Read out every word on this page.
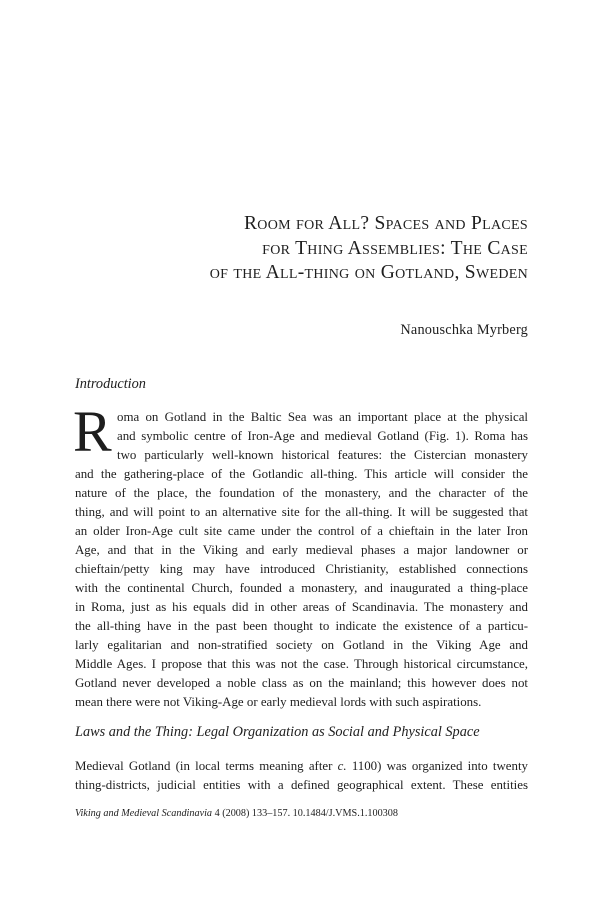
Room for All? Spaces and Places
for Thing Assemblies: The Case
of the All-thing on Gotland, Sweden
Nanouschka Myrberg
Introduction
R oma on Gotland in the Baltic Sea was an important place at the physical
and symbolic centre of Iron-Age and medieval Gotland (Fig. 1). Roma has
two particularly well-known historical features: the Cistercian monastery
and the gathering-place of the Gotlandic all-thing. This article will consider the
nature of the place, the foundation of the monastery, and the character of the
thing, and will point to an alternative site for the all-thing. It will be suggested that
an older Iron-Age cult site came under the control of a chieftain in the later Iron
Age, and that in the Viking and early medieval phases a major landowner or
chieftain/petty king may have introduced Christianity, established connections
with the continental Church, founded a monastery, and inaugurated a thing-place
in Roma, just as his equals did in other areas of Scandinavia. The monastery and
the all-thing have in the past been thought to indicate the existence of a particu-
larly egalitarian and non-stratified society on Gotland in the Viking Age and
Middle Ages. I propose that this was not the case. Through historical circumstance,
Gotland never developed a noble class as on the mainland; this however does not
mean there were not Viking-Age or early medieval lords with such aspirations.
Laws and the Thing: Legal Organization as Social and Physical Space
Medieval Gotland (in local terms meaning after c. 1100) was organized into twenty
thing-districts, judicial entities with a defined geographical extent. These entities
Viking and Medieval Scandinavia 4 (2008) 133–157. 10.1484/J.VMS.1.100308
